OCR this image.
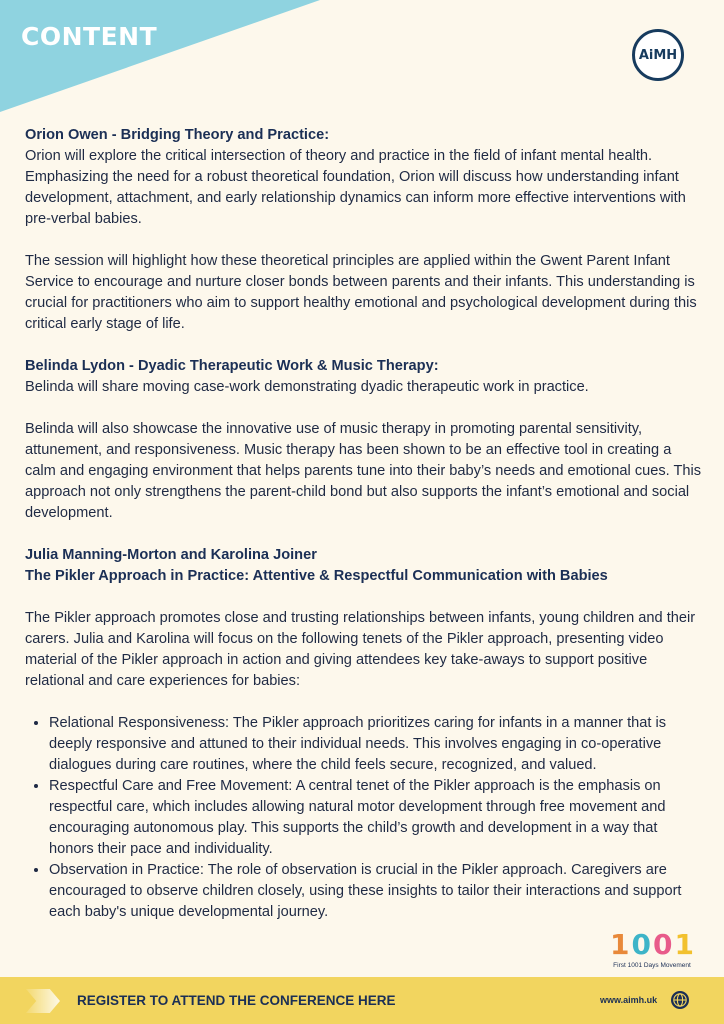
CONTENT
AiMH

Orion Owen - Bridging Theory and Practice:

Orion will explore the critical intersection of theory and practice in the field of infant mental health. Emphasizing the need for a robust theoretical foundation, Orion will discuss how understanding infant development, attachment, and early relationship dynamics can inform more effective interventions with pre-verbal babies.

The session will highlight how these theoretical principles are applied within the Gwent Parent Infant Service to encourage and nurture closer bonds between parents and their infants. This understanding is crucial for practitioners who aim to support healthy emotional and psychological development during this critical early stage of life.

Belinda Lydon - Dyadic Therapeutic Work & Music Therapy:

Belinda will share moving case-work demonstrating dyadic therapeutic work in practice.

Belinda will also showcase the innovative use of music therapy in promoting parental sensitivity, attunement, and responsiveness. Music therapy has been shown to be an effective tool in creating a calm and engaging environment that helps parents tune into their baby’s needs and emotional cues. This approach not only strengthens the parent-child bond but also supports the infant’s emotional and social development.

Julia Manning-Morton and Karolina Joiner

The Pikler Approach in Practice: Attentive & Respectful Communication with Babies

The Pikler approach promotes close and trusting relationships between infants, young children and their carers. Julia and Karolina will focus on the following tenets of the Pikler approach, presenting video material of the Pikler approach in action and giving attendees key take-aways to support positive relational and care experiences for babies:

• Relational Responsiveness: The Pikler approach prioritizes caring for infants in a manner that is deeply responsive and attuned to their individual needs. This involves engaging in co-operative dialogues during care routines, where the child feels secure, recognized, and valued.
• Respectful Care and Free Movement: A central tenet of the Pikler approach is the emphasis on respectful care, which includes allowing natural motor development through free movement and encouraging autonomous play. This supports the child’s growth and development in a way that honors their pace and individuality.
• Observation in Practice: The role of observation is crucial in the Pikler approach. Caregivers are encouraged to observe children closely, using these insights to tailor their interactions and support each baby's unique developmental journey.
1 0 0 1
First 1001 Days Movement
REGISTER TO ATTEND THE CONFERENCE HERE	www.aimh.uk
